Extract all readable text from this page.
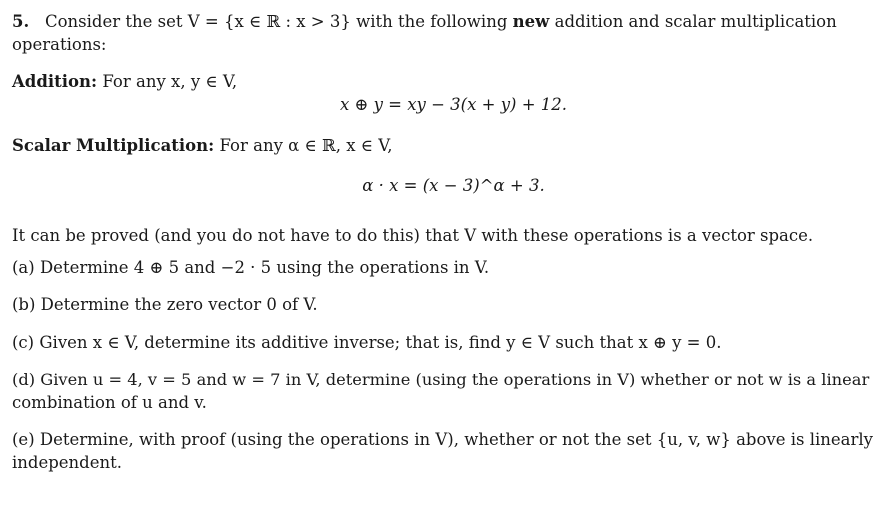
5. Consider the set V = {x ∈ ℝ : x > 3} with the following new addition and scalar multiplication
operations:
Addition: For any x, y ∈ V,
x ⊕ y = xy − 3(x + y) + 12.
Scalar Multiplication: For any α ∈ ℝ, x ∈ V,
α · x = (x − 3)^α + 3.
It can be proved (and you do not have to do this) that V with these operations is a vector space.
(a) Determine 4 ⊕ 5 and −2 · 5 using the operations in V.
(b) Determine the zero vector 0 of V.
(c) Given x ∈ V, determine its additive inverse; that is, find y ∈ V such that x ⊕ y = 0.
(d) Given u = 4, v = 5 and w = 7 in V, determine (using the operations in V) whether or not w is a linear
combination of u and v.
(e) Determine, with proof (using the operations in V), whether or not the set {u, v, w} above is linearly
independent.
